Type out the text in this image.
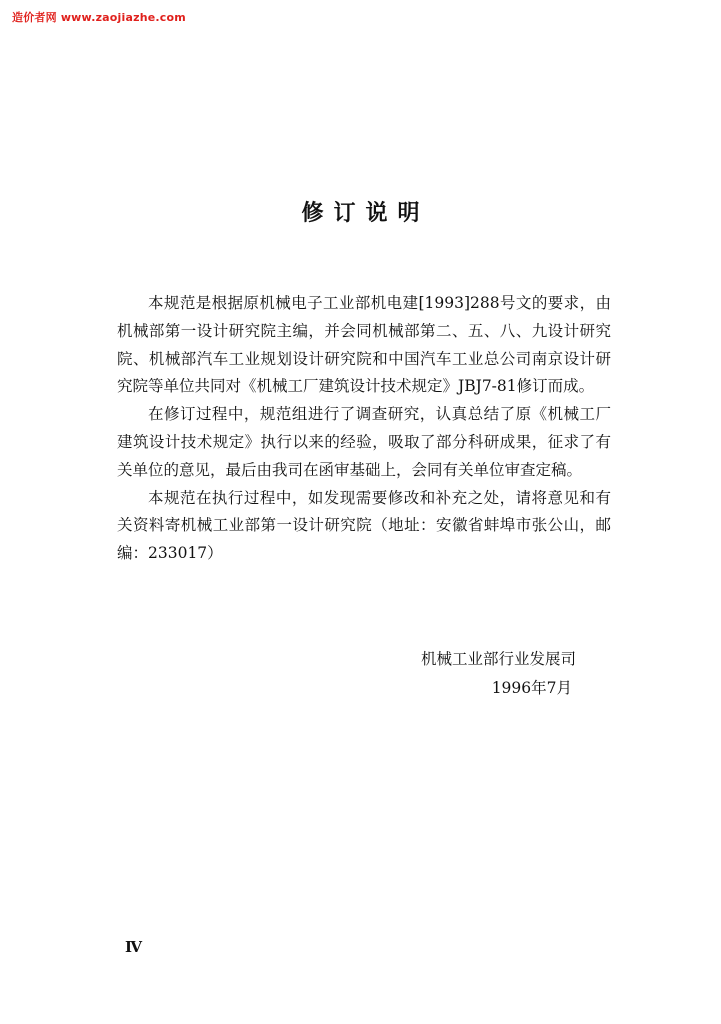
造价者网 www.zaojiazhe.com
修订说明

本规范是根据原机械电子工业部机电建[1993]288号文的要求，由机械部第一设计研究院主编，并会同机械部第二、五、八、九设计研究院、机械部汽车工业规划设计研究院和中国汽车工业总公司南京设计研究院等单位共同对《机械工厂建筑设计技术规定》JBJ7-81修订而成。

在修订过程中，规范组进行了调查研究，认真总结了原《机械工厂建筑设计技术规定》执行以来的经验，吸取了部分科研成果，征求了有关单位的意见，最后由我司在函审基础上，会同有关单位审查定稿。

本规范在执行过程中，如发现需要修改和补充之处，请将意见和有关资料寄机械工业部第一设计研究院（地址：安徽省蚌埠市张公山，邮编：233017）

机械工业部行业发展司
1996年7月
Ⅳ
